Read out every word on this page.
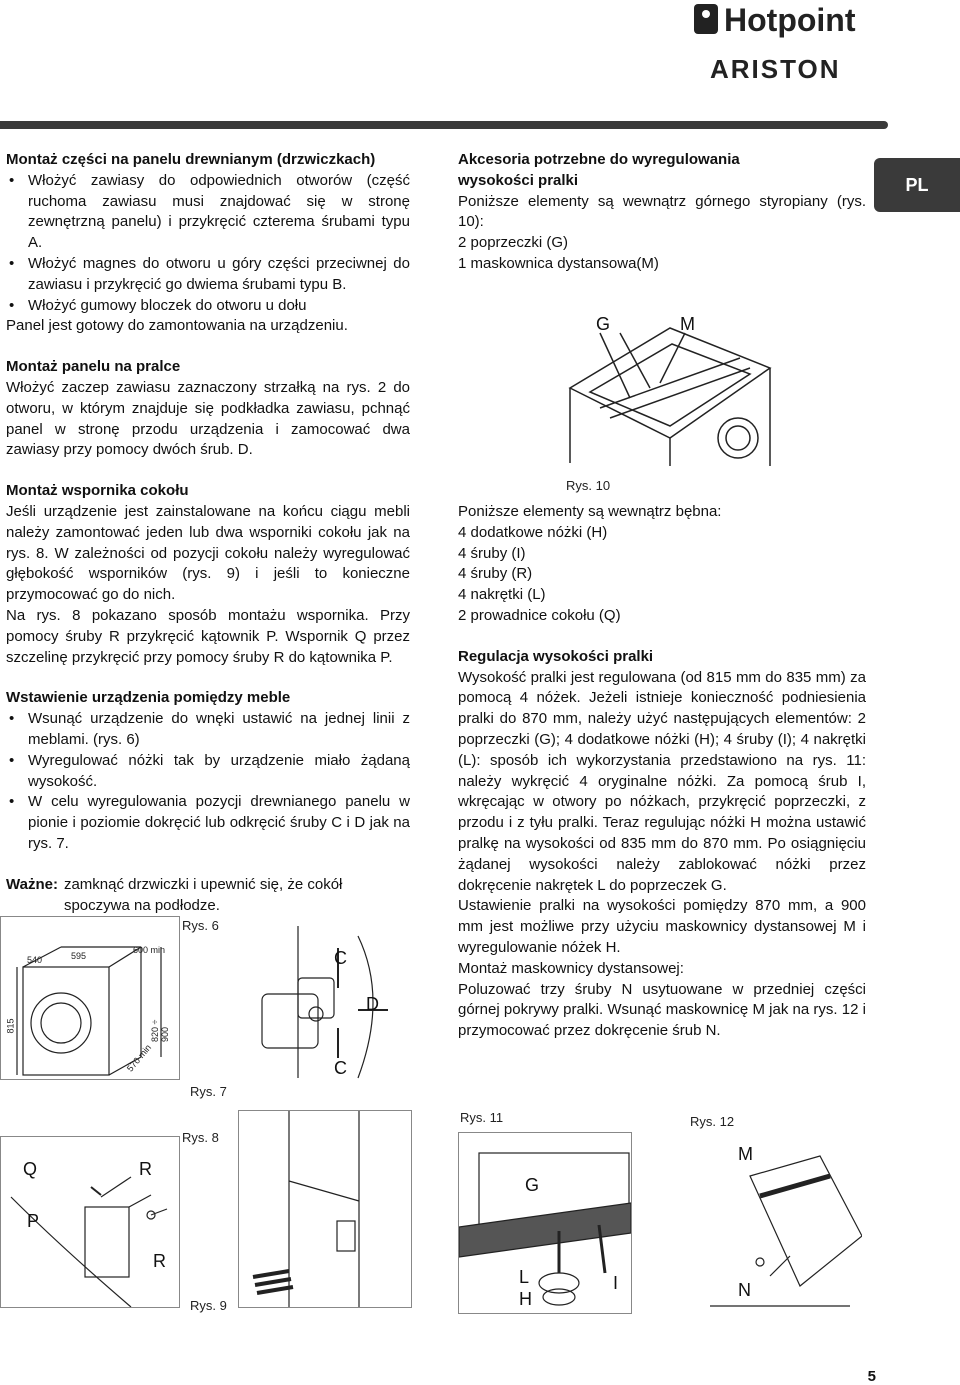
Hotpoint
ARISTON
PL
Montaż części na panelu drewnianym (drzwiczkach)

• Włożyć zawiasy do odpowiednich otworów (część ruchoma zawiasu musi znajdować się w stronę zewnętrzną panelu) i przykręcić czterema śrubami typu A.

• Włożyć magnes do otworu u góry części przeciwnej do zawiasu i przykręcić go dwiema śrubami typu B.

• Włożyć gumowy bloczek do otworu u dołu

Panel jest gotowy do zamontowania na urządzeniu.

Montaż panelu na pralce

Włożyć zaczep zawiasu zaznaczony strzałką na rys. 2 do otworu, w którym znajduje się podkładka zawiasu, pchnąć panel w stronę przodu urządzenia i zamocować dwa zawiasy przy pomocy dwóch śrub. D.

Montaż wspornika cokołu

Jeśli urządzenie jest zainstalowane na końcu ciągu mebli należy zamontować jeden lub dwa wsporniki cokołu jak na rys. 8. W zależności od pozycji cokołu należy wyregulować głębokość wsporników (rys. 9) i jeśli to konieczne przymocować go do nich.

Na rys. 8 pokazano sposób montażu wspornika. Przy pomocy śruby R przykręcić kątownik P. Wspornik Q przez szczelinę przykręcić przy pomocy śruby R do kątownika P.

Wstawienie urządzenia pomiędzy meble

• Wsunąć urządzenie do wnęki ustawić na jednej linii z meblami. (rys. 6)

• Wyregulować nóżki tak by urządzenie miało żądaną wysokość.

• W celu wyregulowania pozycji drewnianego panelu w pionie i poziomie dokręcić lub odkręcić śruby C i D jak na rys. 7.

Ważne: zamknąć drzwiczki i upewnić się, że cokół spoczywa na podłodze.
Akcesoria potrzebne do wyregulowania
wysokości pralki

Poniższe elementy są wewnątrz górnego styropiany (rys. 10):

2 poprzeczki (G)

1 maskownica dystansowa(M)

Poniższe elementy są wewnątrz bębna:

4 dodatkowe nóżki (H)

4 śruby (I)

4 śruby (R)

4 nakrętki (L)

2 prowadnice cokołu (Q)

Regulacja wysokości pralki

Wysokość pralki jest regulowana (od 815 mm do 835 mm) za pomocą 4 nóżek. Jeżeli istnieje konieczność podniesienia pralki do 870 mm, należy użyć następujących elementów: 2 poprzeczki (G); 4 dodatkowe nóżki (H); 4 śruby (I); 4 nakrętki (L): sposób ich wykorzystania przedstawiono na rys. 11: należy wykręcić 4 oryginalne nóżki. Za pomocą śrub I, wkręcając w otwory po nóżkach, przykręcić poprzeczki, z przodu i z tyłu pralki. Teraz regulując nóżki H można ustawić pralkę na wysokości od 835 mm do 870 mm. Po osiągnięciu żądanej wysokości należy zablokować nóżki przez dokręcenie nakrętek L do poprzeczek G.

Ustawienie pralki na wysokości pomiędzy 870 mm, a 900 mm jest możliwe przy użyciu maskownicy dystansowej M i wyregulowanie nóżek H.

Montaż maskownicy dystansowej:

Poluzować trzy śruby N usytuowane w przedniej części górnej pokrywy pralki. Wsunąć maskownicę M jak na rys. 12 i przymocować przez dokręcenie śrub N.

G	M
Rys. 10
540	595
600 min
815	820 ÷ 900
570 min
Rys. 6
C
D
C
Rys. 7
Q	R
P
R
Rys. 8
Rys. 9
G
L
H
I
Rys. 11
M
N
Rys. 12
5
